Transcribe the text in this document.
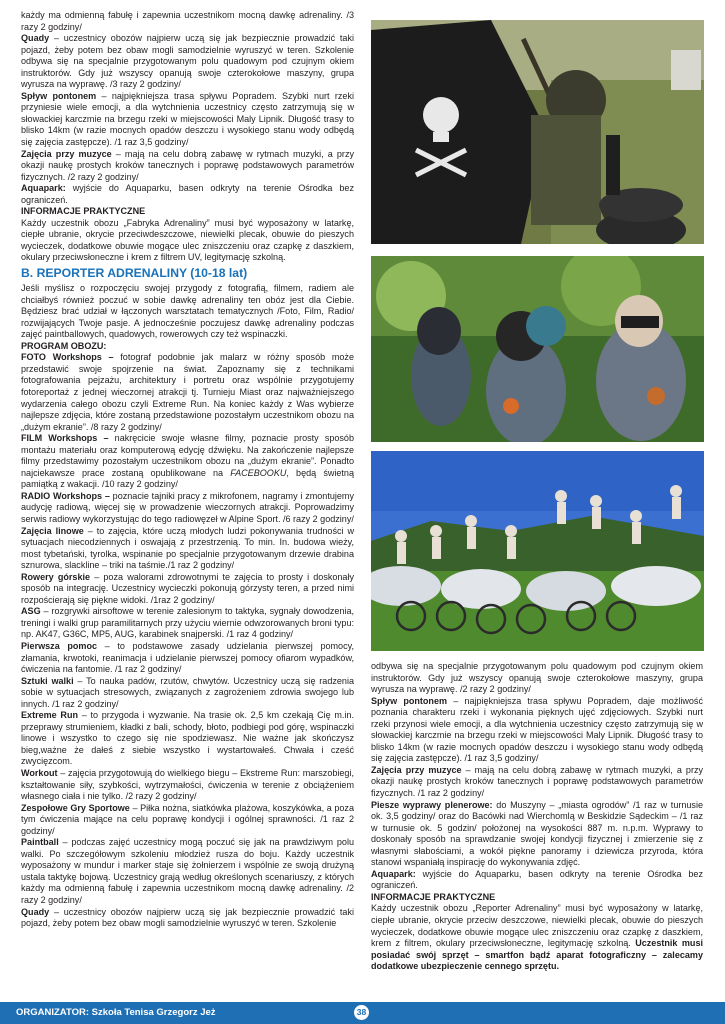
każdy ma odmienną fabułę i zapewnia uczestnikom mocną dawkę adrenaliny. /3 razy 2 godziny/

Quady – uczestnicy obozów najpierw uczą się jak bezpiecznie prowadzić taki pojazd, żeby potem bez obaw mogli samodzielnie wyruszyć w teren. Szkolenie odbywa się na specjalnie przygotowanym polu quadowym pod czujnym okiem instruktorów. Gdy już wszyscy opanują swoje czterokołowe maszyny, grupa wyrusza na wyprawę. /3 razy 2 godziny/

Spływ pontonem – najpiękniejsza trasa spływu Popradem. Szybki nurt rzeki przyniesie wiele emocji, a dla wytchnienia uczestnicy często zatrzymują się w słowackiej karczmie na brzegu rzeki w miejscowości Maly Lipnik. Długość trasy to blisko 14km (w razie mocnych opadów deszczu i wysokiego stanu wody odbędą się zajęcia zastępcze). /1 raz 3,5 godziny/

Zajęcia przy muzyce – mają na celu dobrą zabawę w rytmach muzyki, a przy okazji naukę prostych kroków tanecznych i poprawę podstawowych parametrów fizycznych. /2 razy 2 godziny/

Aquapark: wyjście do Aquaparku, basen odkryty na terenie Ośrodka bez ograniczeń.

INFORMACJE PRAKTYCZNE

Każdy uczestnik obozu „Fabryka Adrenaliny” musi być wyposażony w latarkę, ciepłe ubranie, okrycie przeciwdeszczowe, niewielki plecak, obuwie do pieszych wycieczek, dodatkowe obuwie mogące ulec zniszczeniu oraz czapkę z daszkiem, okulary przeciwsłoneczne i krem z filtrem UV, legitymację szkolną.

B. REPORTER ADRENALINY (10-18 lat)

Jeśli myślisz o rozpoczęciu swojej przygody z fotografią, filmem, radiem ale chciałbyś również poczuć w sobie dawkę adrenaliny ten obóz jest dla Ciebie. Będziesz brać udział w łączonych warsztatach tematycznych /Foto, Film, Radio/ rozwijających Twoje pasje. A jednocześnie poczujesz dawkę adrenaliny podczas zajęć paintballowych, quadowych, rowerowych czy też wspinaczki.

PROGRAM OBOZU:

FOTO Workshops – fotograf podobnie jak malarz w różny sposób może przedstawić swoje spojrzenie na świat. Zapoznamy się z technikami fotografowania pejzażu, architektury i portretu oraz wspólnie przygotujemy fotoreportaż z jednej wieczornej atrakcji tj. Turnieju Miast oraz najważniejszego wydarzenia całego obozu czyli Extreme Run. Na koniec każdy z Was wybierze najlepsze zdjęcia, które zostaną przedstawione pozostałym uczestnikom obozu na „dużym ekranie”. /8 razy 2 godziny/

FILM Workshops – nakręcicie swoje własne filmy, poznacie prosty sposób montażu materiału oraz komputerową edycję dźwięku. Na zakończenie najlepsze filmy przedstawimy pozostałym uczestnikom obozu na „dużym ekranie”. Ponadto najciekawsze prace zostaną opublikowane na FACEBOOKU, będą świetną pamiątką z wakacji. /10 razy 2 godziny/

RADIO Workshops – poznacie tajniki pracy z mikrofonem, nagramy i zmontujemy audycję radiową, więcej się w prowadzenie wieczornych atrakcji. Poprowadzimy serwis radiowy wykorzystując do tego radiowęzeł w Alpine Sport. /6 razy 2 godziny/

Zajęcia linowe – to zajęcia, które uczą młodych ludzi pokonywania trudności w sytuacjach niecodziennych i oswajają z przestrzenią. To min. In. budowa wieży, most tybetański, tyrolka, wspinanie po specjalnie przygotowanym drzewie drabina sznurowa, slackline – triki na taśmie./1 raz 2 godziny/

Rowery górskie – poza walorami zdrowotnymi te zajęcia to prosty i doskonały sposób na integrację. Uczestnicy wycieczki pokonują górzysty teren, a przed nimi rozpościerają się piękne widoki. /1raz 2 godziny/

ASG – rozgrywki airsoftowe w terenie zalesionym to taktyka, sygnały dowodzenia, treningi i walki grup paramilitarnych przy użyciu wiernie odwzorowanych broni typu: np. AK47, G36C, MP5, AUG, karabinek snajperski. /1 raz 4 godziny/

Pierwsza pomoc – to podstawowe zasady udzielania pierwszej pomocy, złamania, krwotoki, reanimacja i udzielanie pierwszej pomocy ofiarom wypadków, ćwiczenia na fantomie. /1 raz 2 godziny/

Sztuki walki – To nauka padów, rzutów, chwytów. Uczestnicy uczą się radzenia sobie w sytuacjach stresowych, związanych z zagrożeniem zdrowia swojego lub innych. /1 raz 2 godziny/

Extreme Run – to przygoda i wyzwanie. Na trasie ok. 2,5 km czekają Cię m.in. przeprawy strumieniem, kładki z bali, schody, błoto, podbiegi pod górę, wspinaczki linowe i wszystko to czego się nie spodziewasz. Nie ważne jak skończysz bieg,ważne że dałeś z siebie wszystko i wystartowałeś. Chwała i cześć zwycięzcom.

Workout – zajęcia przygotowują do wielkiego biegu – Ekstreme Run: marszobiegi, kształtowanie siły, szybkości, wytrzymałości, ćwiczenia w terenie z obciążeniem własnego ciała i nie tylko. /2 razy 2 godziny/

Zespołowe Gry Sportowe – Piłka nożna, siatkówka plażowa, koszykówka, a poza tym ćwiczenia mające na celu poprawę kondycji i ogólnej sprawności. /1 raz 2 godziny/

Paintball – podczas zajęć uczestnicy mogą poczuć się jak na prawdziwym polu walki. Po szczegółowym szkoleniu młodzież rusza do boju. Każdy uczestnik wyposażony w mundur i marker staje się żołnierzem i wspólnie ze swoją drużyną ustala taktykę bojową. Uczestnicy grają według określonych scenariuszy, z których każdy ma odmienną fabułę i zapewnia uczestnikom mocną dawkę adrenaliny. /2 razy 2 godziny/

Quady – uczestnicy obozów najpierw uczą się jak bezpiecznie prowadzić taki pojazd, żeby potem bez obaw mogli samodzielnie wyruszyć w teren. Szkolenie

odbywa się na specjalnie przygotowanym polu quadowym pod czujnym okiem instruktorów. Gdy już wszyscy opanują swoje czterokołowe maszyny, grupa wyrusza na wyprawę. /2 razy 2 godziny/

Spływ pontonem – najpiękniejsza trasa spływu Popradem, daje możliwość poznania charakteru rzeki i wykonania pięknych ujęć zdjęciowych. Szybki nurt rzeki przynosi wiele emocji, a dla wytchnienia uczestnicy często zatrzymują się w słowackiej karczmie na brzegu rzeki w miejscowości Maly Lipnik. Długość trasy to blisko 14km (w razie mocnych opadów deszczu i wysokiego stanu wody odbędą się zajęcia zastępcze). /1 raz 3,5 godziny/

Zajęcia przy muzyce – mają na celu dobrą zabawę w rytmach muzyki, a przy okazji naukę prostych kroków tanecznych i poprawę podstawowych parametrów fizycznych. /1 raz 2 godziny/

Piesze wyprawy plenerowe: do Muszyny – „miasta ogrodów” /1 raz w turnusie ok. 3,5 godziny/ oraz do Bacówki nad Wierchomlą w Beskidzie Sądeckim – /1 raz w turnusie ok. 5 godzin/ położonej na wysokości 887 m. n.p.m. Wyprawy to doskonały sposób na sprawdzanie swojej kondycji fizycznej i zmierzenie się z własnymi słabościami, a wokół piękne panoramy i dziewicza przyroda, która stanowi wspaniałą inspirację do wykonywania zdjęć.

Aquapark: wyjście do Aquaparku, basen odkryty na terenie Ośrodka bez ograniczeń.

INFORMACJE PRAKTYCZNE

Każdy uczestnik obozu „Reporter Adrenaliny” musi być wyposażony w latarkę, ciepłe ubranie, okrycie przeciw deszczowe, niewielki plecak, obuwie do pieszych wycieczek, dodatkowe obuwie mogące ulec zniszczeniu oraz czapkę z daszkiem, krem z filtrem, okulary przeciwsłoneczne, legitymację szkolną. Uczestnik musi posiadać swój sprzęt – smartfon bądź aparat fotograficzny – zalecamy dodatkowe ubezpieczenie cennego sprzętu.

ORGANIZATOR: Szkoła Tenisa Grzegorz Jeż	38
